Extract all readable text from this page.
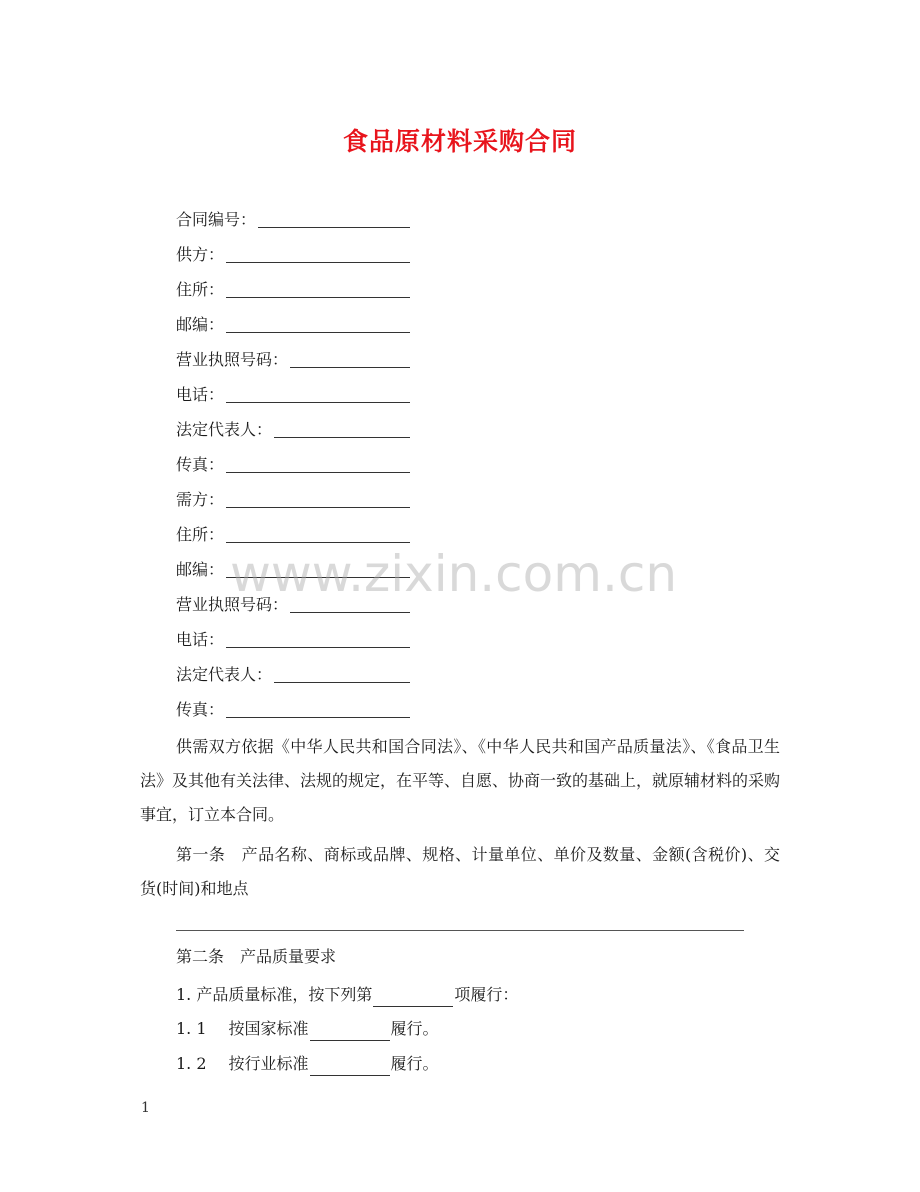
食品原材料采购合同
合同编号：
供方：
住所：
邮编：
营业执照号码：
电话：
法定代表人：
传真：
需方：
住所：
邮编：
营业执照号码：
电话：
法定代表人：
传真：
www.zixin.com.cn
供需双方依据《中华人民共和国合同法》、《中华人民共和国产品质量法》、《食品卫生法》及其他有关法律、法规的规定，在平等、自愿、协商一致的基础上，就原辅材料的采购事宜，订立本合同。
第一条　产品名称、商标或品牌、规格、计量单位、单价及数量、金额(含税价)、交货(时间)和地点
第二条 产品质量要求
1. 产品质量标准，按下列第	项履行：
1. 1 按国家标准	履行。
1. 2 按行业标准	履行。
1
